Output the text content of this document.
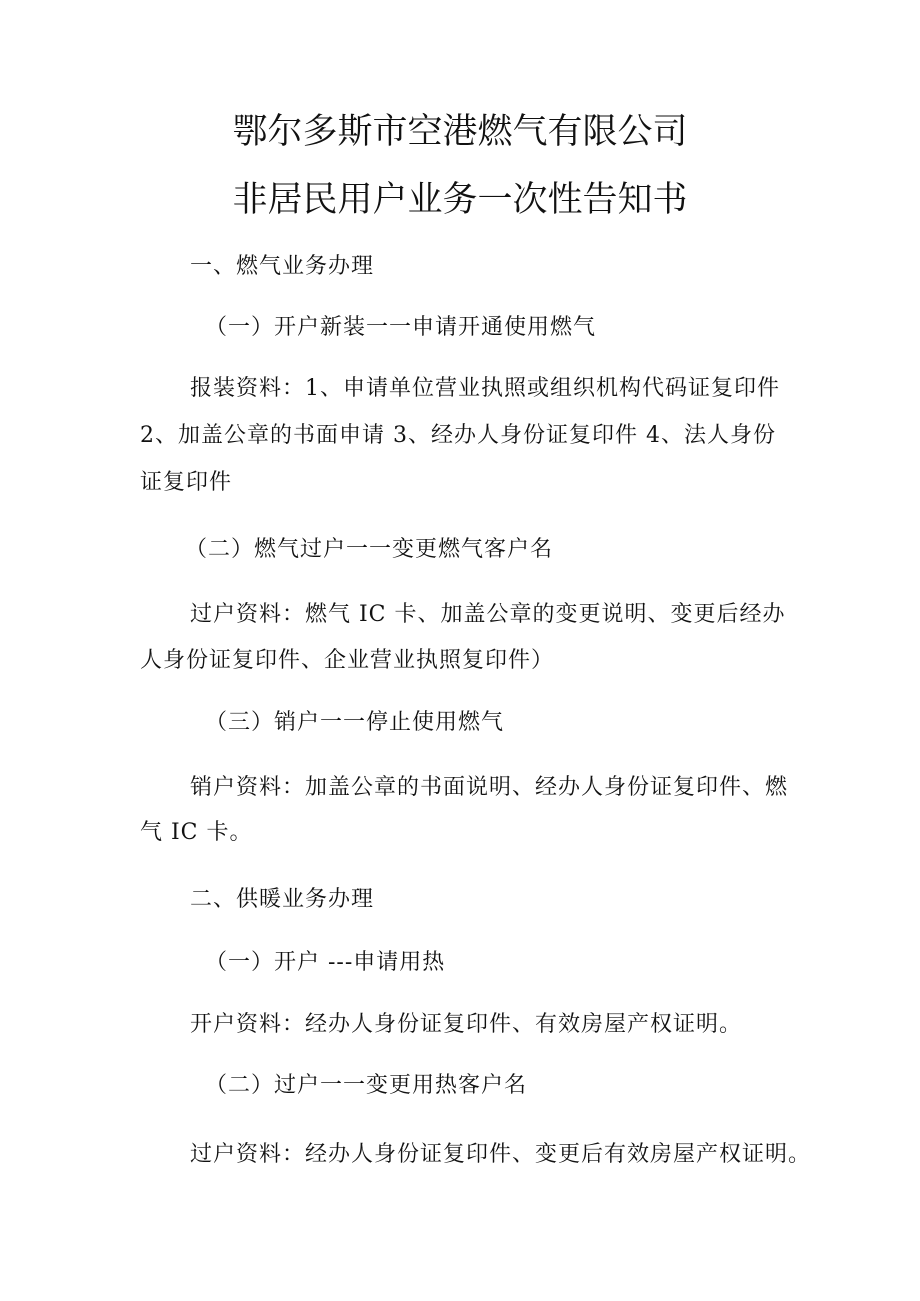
鄂尔多斯市空港燃气有限公司
非居民用户业务一次性告知书

一、燃气业务办理

（一）开户新装一一申请开通使用燃气

报装资料：1、申请单位营业执照或组织机构代码证复印件

2、加盖公章的书面申请 3、经办人身份证复印件 4、法人身份

证复印件

（二）燃气过户一一变更燃气客户名

过户资料：燃气 IC 卡、加盖公章的变更说明、变更后经办

人身份证复印件、企业营业执照复印件）

（三）销户一一停止使用燃气

销户资料：加盖公章的书面说明、经办人身份证复印件、燃

气 IC 卡。

二、供暖业务办理

（一）开户 ---申请用热

开户资料：经办人身份证复印件、有效房屋产权证明。

（二）过户一一变更用热客户名

过户资料：经办人身份证复印件、变更后有效房屋产权证明。
